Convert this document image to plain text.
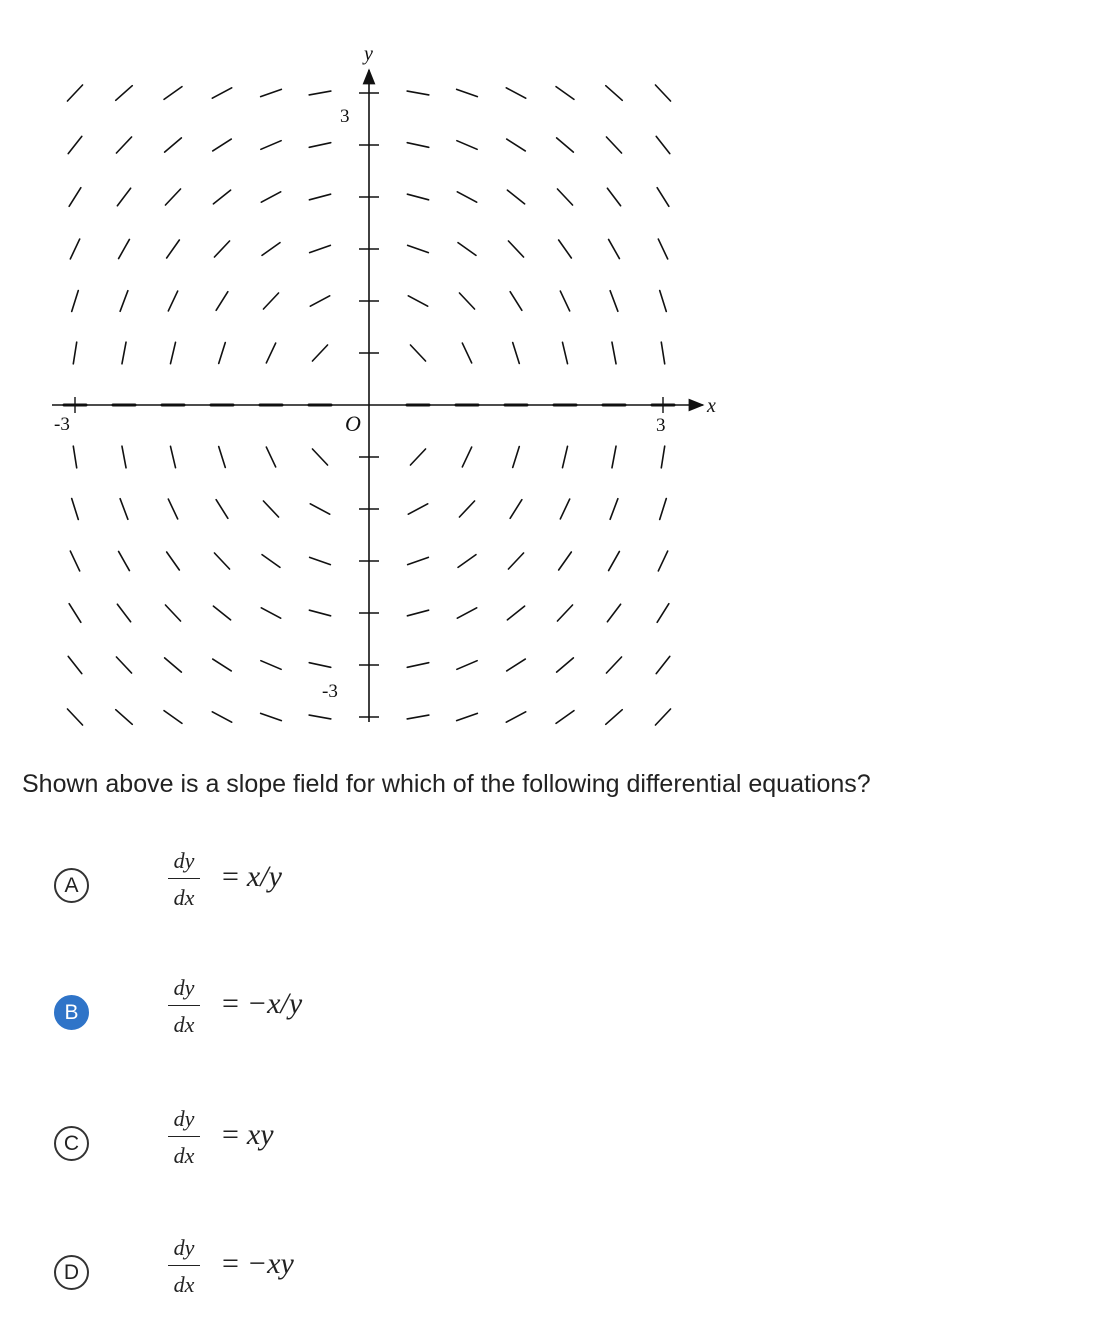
y
x
O
-3	3
3
-3

Shown above is a slope field for which of the following differential equations?

A
dy
dx
= x/y
B
dy
dx
= −x/y
C
dy
dx
= xy
D
dy
dx
= −xy
